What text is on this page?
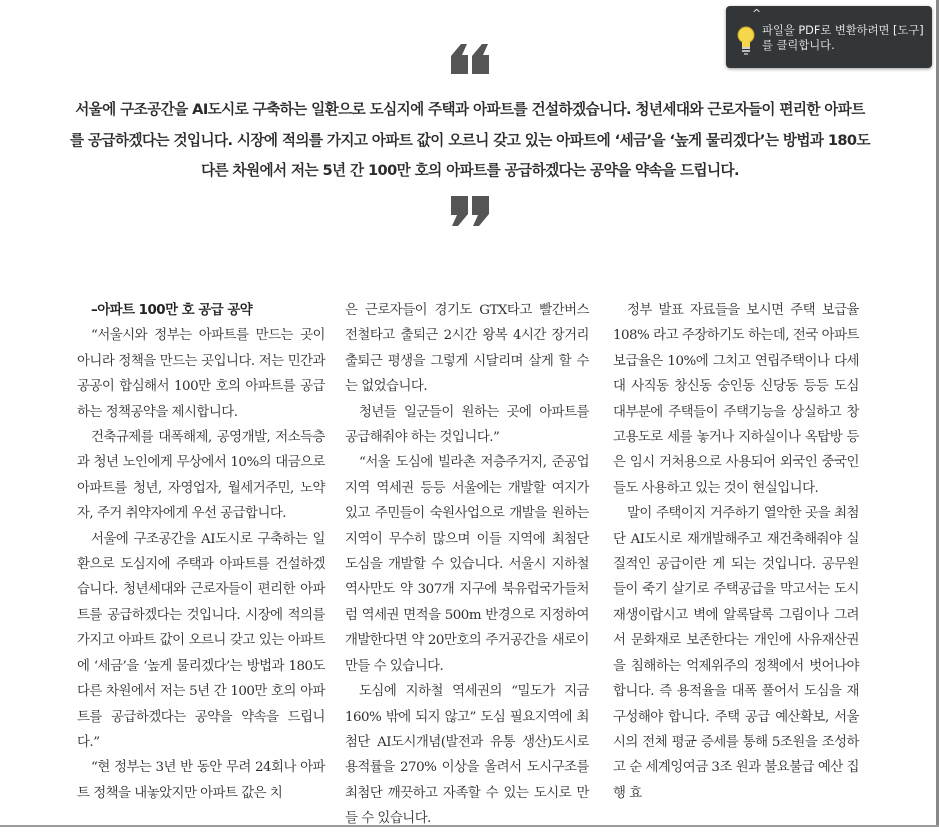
서울에 구조공간을 AI도시로 구축하는 일환으로 도심지에 주택과 아파트를 건설하겠습니다. 청년세대와 근로자들이 편리한 아파트를 공급하겠다는 것입니다. 시장에 적의를 가지고 아파트 값이 오르니 갖고 있는 아파트에 ‘세금’을 ‘높게 물리겠다’는 방법과 180도 다른 차원에서 저는 5년 간 100만 호의 아파트를 공급하겠다는 공약을 약속을 드립니다.

–아파트 100만 호 공급 공약

“서울시와 정부는 아파트를 만드는 곳이 아니라 정책을 만드는 곳입니다. 저는 민간과 공공이 합심해서 100만 호의 아파트를 공급하는 정책공약을 제시합니다.

건축규제를 대폭해제, 공영개발, 저소득층과 청년 노인에게 무상에서 10%의 대금으로 아파트를 청년, 자영업자, 월세거주민, 노약자, 주거 취약자에게 우선 공급합니다.

서울에 구조공간을 AI도시로 구축하는 일환으로 도심지에 주택과 아파트를 건설하겠습니다. 청년세대와 근로자들이 편리한 아파트를 공급하겠다는 것입니다. 시장에 적의를 가지고 아파트 값이 오르니 갖고 있는 아파트에 ‘세금’을 ‘높게 물리겠다’는 방법과 180도 다른 차원에서 저는 5년 간 100만 호의 아파트를 공급하겠다는 공약을 약속을 드립니다.”

“현 정부는 3년 반 동안 무려 24회나 아파트 정책을 내놓았지만 아파트 값은 치

은 근로자들이 경기도 GTX타고 빨간버스 전철타고 출퇴근 2시간 왕복 4시간 장거리 출퇴근 평생을 그렇게 시달리며 살게 할 수는 없었습니다.

청년들 일군들이 원하는 곳에 아파트를 공급해줘야 하는 것입니다.”

“서울 도심에 빌라촌 저층주거지, 준공업지역 역세권 등등 서울에는 개발할 여지가 있고 주민들이 숙원사업으로 개발을 원하는 지역이 무수히 많으며 이들 지역에 최첨단 도심을 개발할 수 있습니다. 서울시 지하철역사만도 약 307개 지구에 북유럽국가들처럼 역세권 면적을 500m 반경으로 지정하여 개발한다면 약 20만호의 주거공간을 새로이 만들 수 있습니다.

도심에 지하철 역세권의 “밀도가 지금 160% 밖에 되지 않고” 도심 필요지역에 최첨단 AI도시개념(발전과 유통 생산)도시로 용적률을 270% 이상을 올려서 도시구조를 최첨단 깨끗하고 자족할 수 있는 도시로 만들 수 있습니다.

정부 발표 자료들을 보시면 주택 보급율 108% 라고 주장하기도 하는데, 전국 아파트 보급율은 10%에 그치고 연립주택이나 다세대 사직동 창신동 숭인동 신당동 등등 도심 대부분에 주택들이 주택기능을 상실하고 창고용도로 세를 놓거나 지하실이나 옥탑방 등은 임시 거처용으로 사용되어 외국인 중국인들도 사용하고 있는 것이 현실입니다.

말이 주택이지 거주하기 열악한 곳을 최첨단 AI도시로 재개발해주고 재건축해줘야 실질적인 공급이란 게 되는 것입니다. 공무원들이 죽기 살기로 주택공급을 막고서는 도시재생이랍시고 벽에 알록달록 그림이나 그려서 문화재로 보존한다는 개인에 사유재산권을 침해하는 억제위주의 정책에서 벗어나야 합니다. 즉 용적율을 대폭 풀어서 도심을 재구성해야 합니다. 주택 공급 예산확보, 서울시의 전체 평균 증세를 통해 5조원을 조성하고 순 세계잉여금 3조 원과 불요불급 예산 집행 효

^
파일을 PDF로 변환하려면 [도구]를 클릭합니다.
